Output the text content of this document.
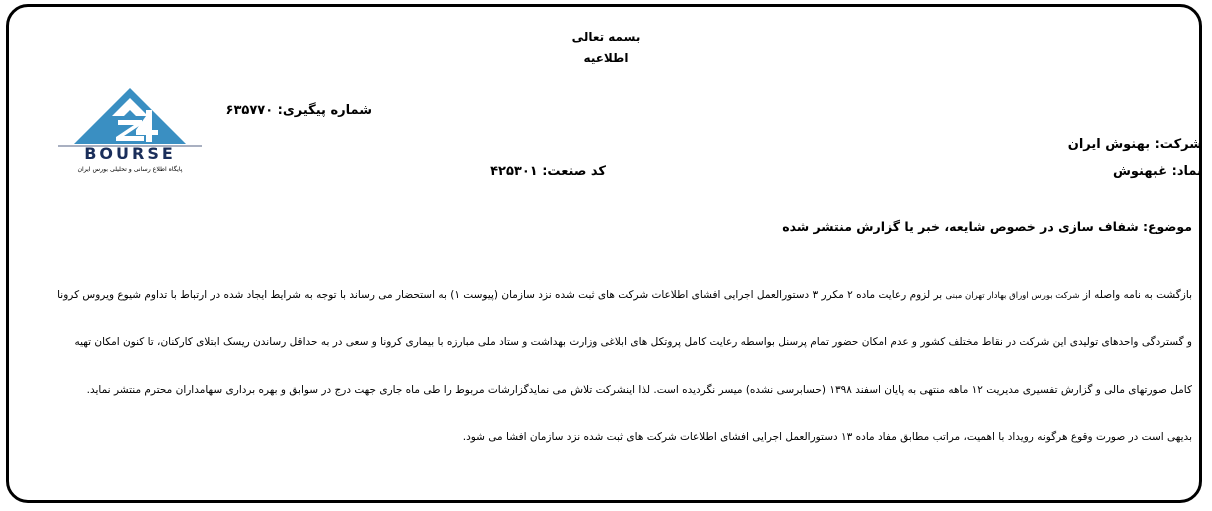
بسمه تعالی
اطلاعیه
BOURSE
پایگاه اطلاع رسانی و تحلیلی بورس ایران
شماره پیگیری: ۶۳۵۷۷۰
شرکت: بهنوش ایران
کد صنعت: ۴۲۵۳۰۱	نماد: غبهنوش
موضوع: شفاف سازی در خصوص شایعه، خبر یا گزارش منتشر شده
بازگشت به نامه واصله از شرکت بورس اوراق بهادار تهران مبنی بر لزوم رعایت ماده ۲ مکرر ۳ دستورالعمل اجرایی افشای اطلاعات شرکت های ثبت شده نزد سازمان (پیوست ۱) به استحضار می رساند با توجه به شرایط ایجاد شده در ارتباط با تداوم شیوع ویروس کرونا
و گستردگی واحدهای تولیدی این شرکت در نقاط مختلف کشور و عدم امکان حضور تمام پرسنل بواسطه رعایت کامل پروتکل های ابلاغی وزارت بهداشت و ستاد ملی مبارزه با بیماری کرونا و سعی در به حداقل رساندن ریسک ابتلای کارکنان، تا کنون امکان تهیه
کامل صورتهای مالی و گزارش تفسیری مدیریت ۱۲ ماهه منتهی به پایان اسفند ۱۳۹۸ (حسابرسی نشده) میسر نگردیده است. لذا اینشرکت تلاش می نمایدگزارشات مربوط را طی ماه جاری جهت درج در سوابق و بهره برداری سهامداران محترم منتشر نماید.
بدیهی است در صورت وقوع هرگونه رویداد با اهمیت، مراتب مطابق مفاد ماده ۱۳ دستورالعمل اجرایی افشای اطلاعات شرکت های ثبت شده نزد سازمان افشا می شود.
